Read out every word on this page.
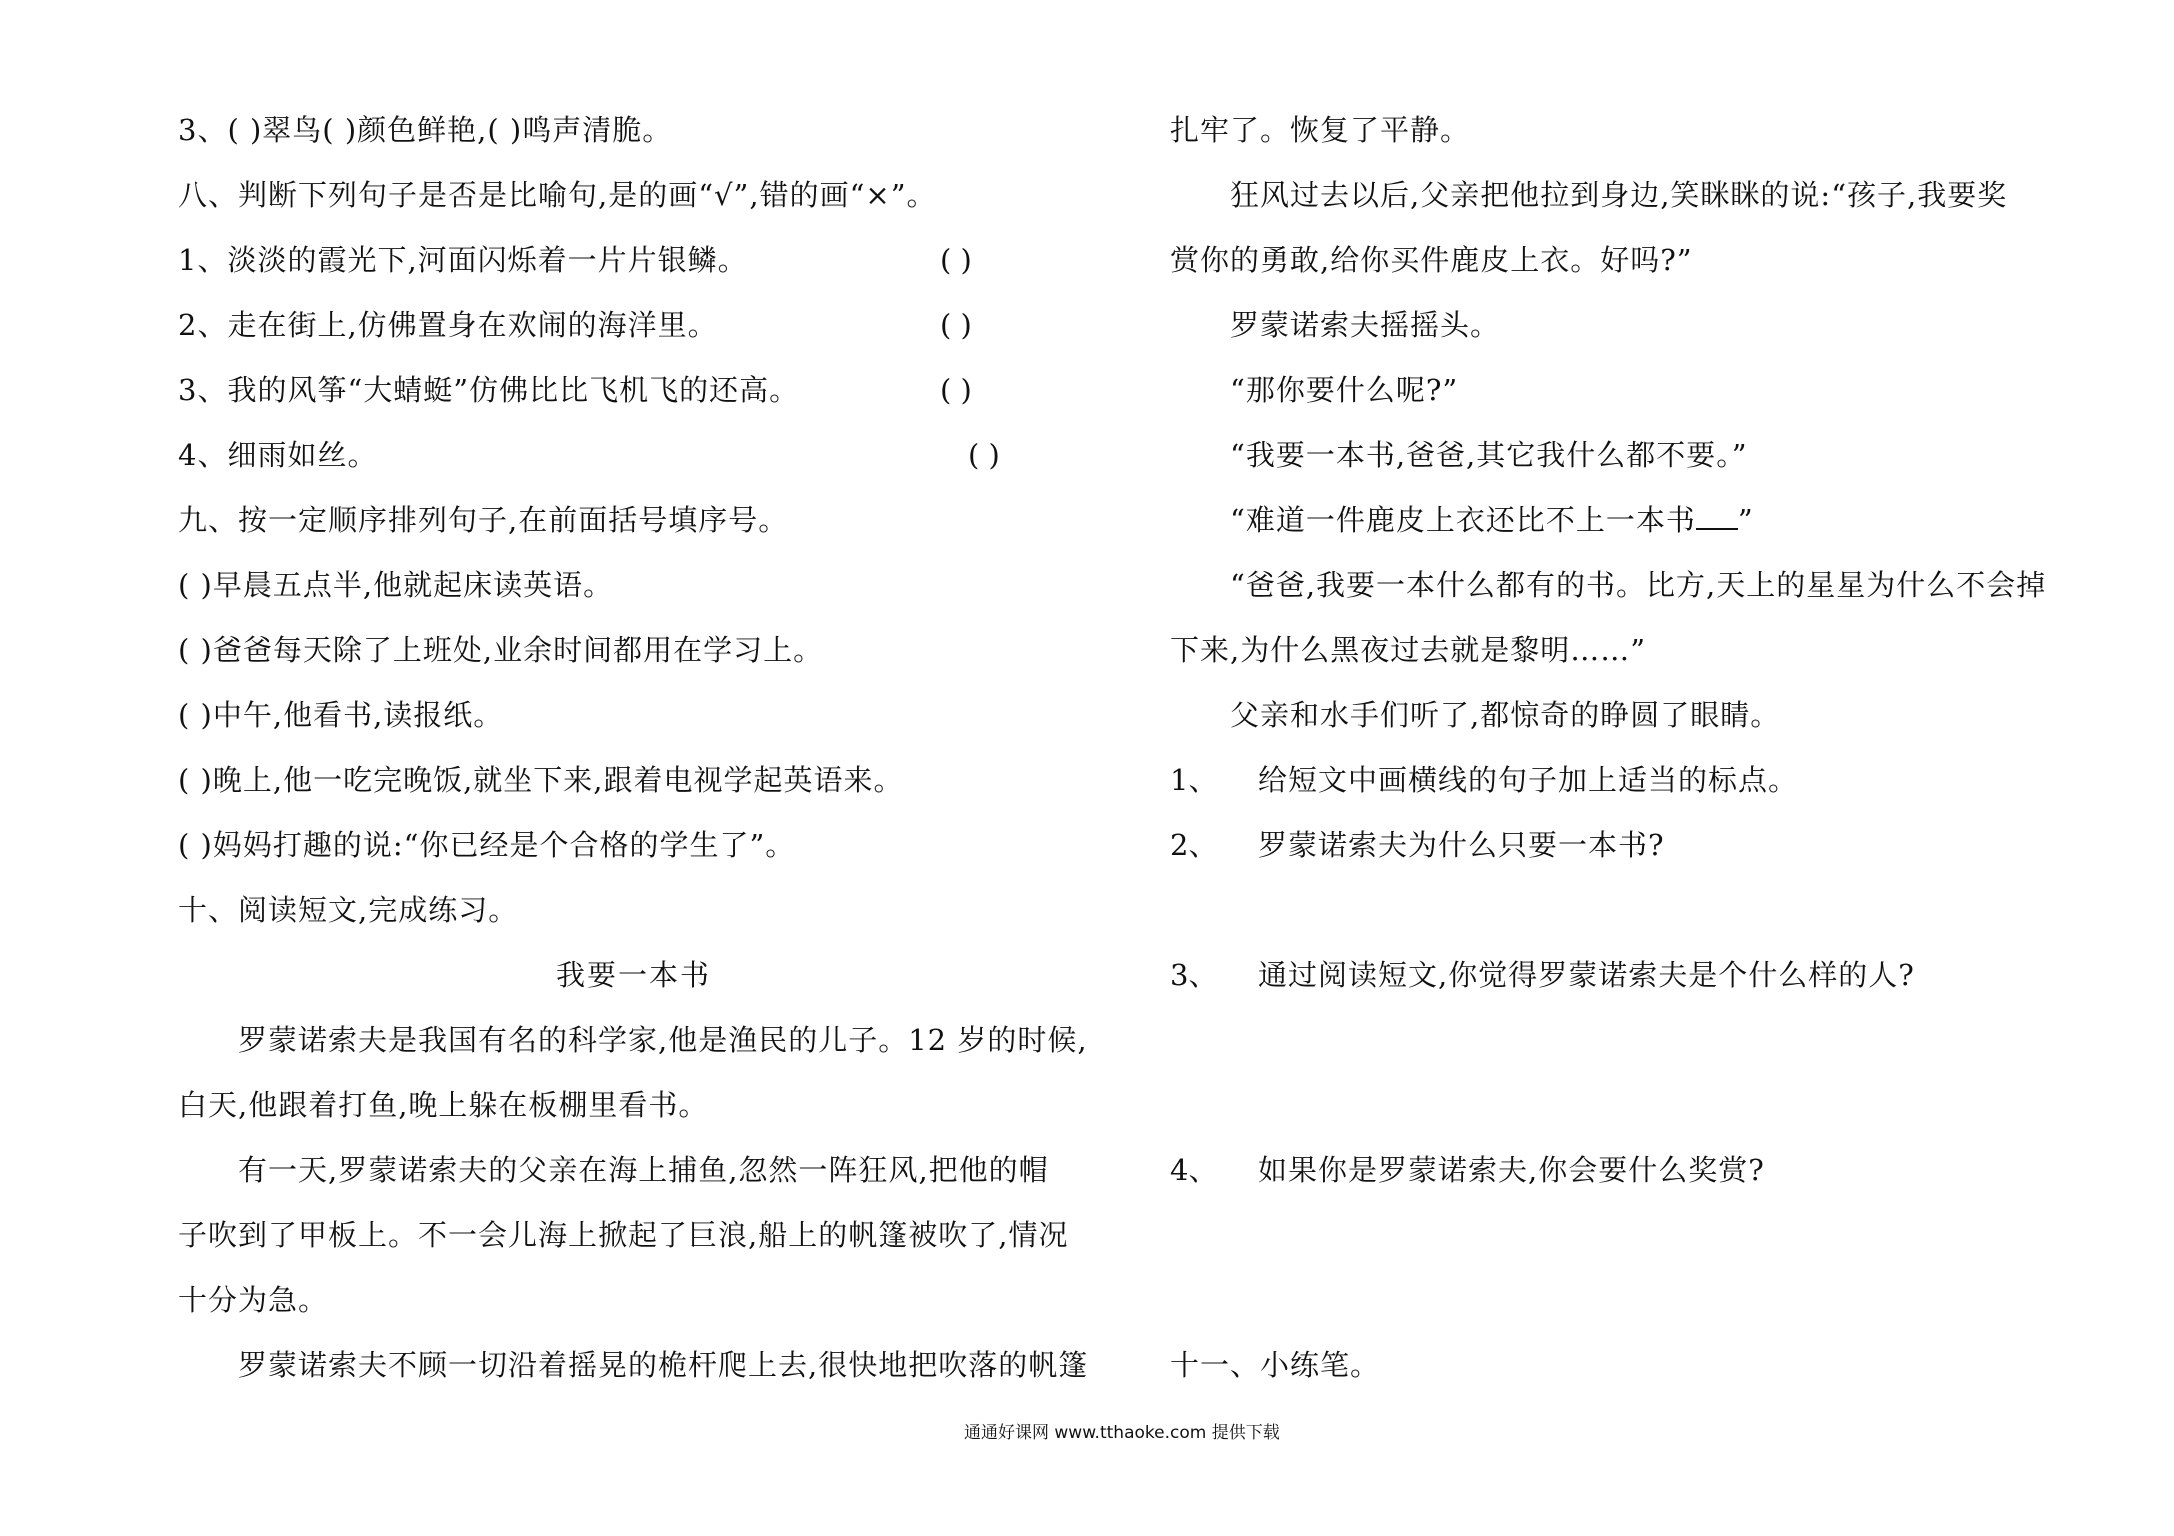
3、( )翠鸟( )颜色鲜艳,( )鸣声清脆。
八、判断下列句子是否是比喻句,是的画“√”,错的画“×”。
1、淡淡的霞光下,河面闪烁着一片片银鳞。	( )
2、走在街上,仿佛置身在欢闹的海洋里。	( )
3、我的风筝“大蜻蜓”仿佛比比飞机飞的还高。	( )
4、细雨如丝。	( )
九、按一定顺序排列句子,在前面括号填序号。
( )早晨五点半,他就起床读英语。
( )爸爸每天除了上班处,业余时间都用在学习上。
( )中午,他看书,读报纸。
( )晚上,他一吃完晚饭,就坐下来,跟着电视学起英语来。
( )妈妈打趣的说:“你已经是个合格的学生了”。
十、阅读短文,完成练习。
我要一本书
罗蒙诺索夫是我国有名的科学家,他是渔民的儿子。12 岁的时候,
白天,他跟着打鱼,晚上躲在板棚里看书。
有一天,罗蒙诺索夫的父亲在海上捕鱼,忽然一阵狂风,把他的帽
子吹到了甲板上。不一会儿海上掀起了巨浪,船上的帆篷被吹了,情况
十分为急。
罗蒙诺索夫不顾一切沿着摇晃的桅杆爬上去,很快地把吹落的帆篷
扎牢了。恢复了平静。
狂风过去以后,父亲把他拉到身边,笑眯眯的说:“孩子,我要奖
赏你的勇敢,给你买件鹿皮上衣。好吗?”
罗蒙诺索夫摇摇头。
“那你要什么呢?”
“我要一本书,爸爸,其它我什么都不要。”
“难道一件鹿皮上衣还比不上一本书 ”
“爸爸,我要一本什么都有的书。比方,天上的星星为什么不会掉
下来,为什么黑夜过去就是黎明……”
父亲和水手们听了,都惊奇的睁圆了眼睛。
1、 给短文中画横线的句子加上适当的标点。
2、 罗蒙诺索夫为什么只要一本书?
3、 通过阅读短文,你觉得罗蒙诺索夫是个什么样的人?
4、 如果你是罗蒙诺索夫,你会要什么奖赏?
十一、小练笔。
通通好课网 www.tthaoke.com 提供下载
